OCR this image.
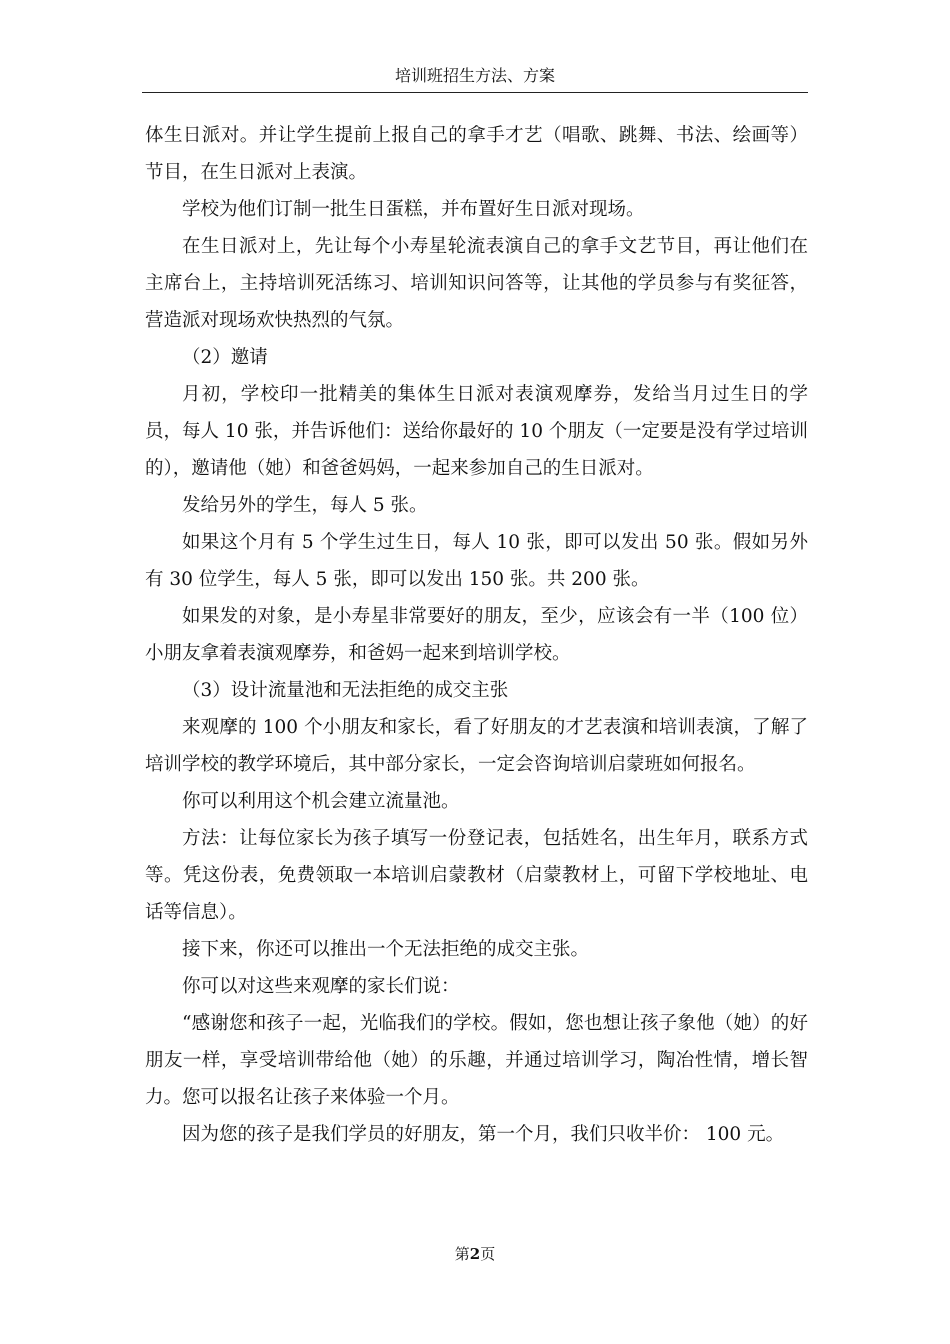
培训班招生方法、方案

体生日派对。并让学生提前上报自己的拿手才艺（唱歌、跳舞、书法、绘画等）节目，在生日派对上表演。

学校为他们订制一批生日蛋糕，并布置好生日派对现场。

在生日派对上，先让每个小寿星轮流表演自己的拿手文艺节目，再让他们在主席台上，主持培训死活练习、培训知识问答等，让其他的学员参与有奖征答，营造派对现场欢快热烈的气氛。

（2）邀请

月初，学校印一批精美的集体生日派对表演观摩券，发给当月过生日的学员，每人 10 张，并告诉他们：送给你最好的 10 个朋友（一定要是没有学过培训的），邀请他（她）和爸爸妈妈，一起来参加自己的生日派对。

发给另外的学生，每人 5 张。

如果这个月有 5 个学生过生日，每人 10 张，即可以发出 50 张。假如另外有 30 位学生，每人 5 张，即可以发出 150 张。共 200 张。

如果发的对象，是小寿星非常要好的朋友，至少，应该会有一半（100 位）小朋友拿着表演观摩券，和爸妈一起来到培训学校。

（3）设计流量池和无法拒绝的成交主张

来观摩的 100 个小朋友和家长，看了好朋友的才艺表演和培训表演，了解了培训学校的教学环境后，其中部分家长，一定会咨询培训启蒙班如何报名。

你可以利用这个机会建立流量池。

方法：让每位家长为孩子填写一份登记表，包括姓名，出生年月，联系方式等。凭这份表，免费领取一本培训启蒙教材（启蒙教材上，可留下学校地址、电话等信息）。

接下来，你还可以推出一个无法拒绝的成交主张。

你可以对这些来观摩的家长们说：

“感谢您和孩子一起，光临我们的学校。假如，您也想让孩子象他（她）的好朋友一样，享受培训带给他（她）的乐趣，并通过培训学习，陶冶性情，增长智力。您可以报名让孩子来体验一个月。

因为您的孩子是我们学员的好朋友，第一个月，我们只收半价： 100 元。

第2页
